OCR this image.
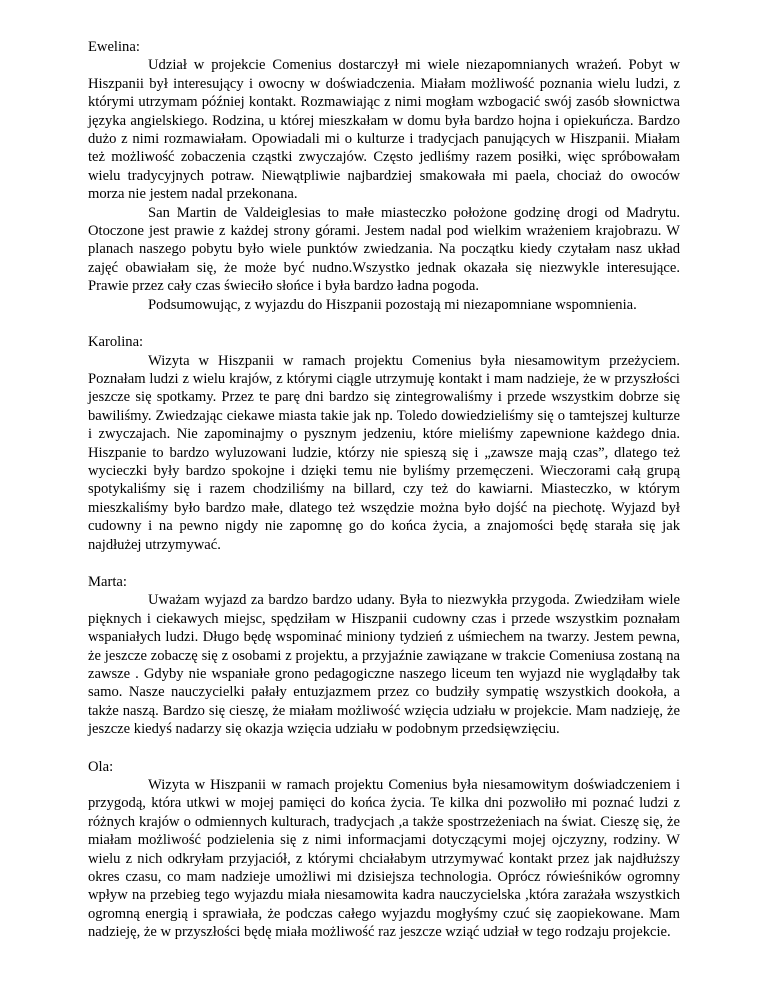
Ewelina:

Udział w projekcie Comenius dostarczył mi wiele niezapomnianych wrażeń. Pobyt w Hiszpanii był interesujący i owocny w doświadczenia. Miałam możliwość poznania wielu ludzi, z którymi utrzymam później kontakt. Rozmawiając z nimi mogłam wzbogacić swój zasób słownictwa języka angielskiego. Rodzina, u której mieszkałam w domu była bardzo hojna i opiekuńcza. Bardzo dużo z nimi rozmawiałam. Opowiadali mi o kulturze i tradycjach panujących w Hiszpanii. Miałam też możliwość zobaczenia cząstki zwyczajów. Często jedliśmy razem posiłki, więc spróbowałam wielu tradycyjnych potraw. Niewątpliwie najbardziej smakowała mi paela, chociaż do owoców morza nie jestem nadal przekonana.

San Martin de Valdeiglesias to małe miasteczko położone godzinę drogi od Madrytu. Otoczone jest prawie z każdej strony górami. Jestem nadal pod wielkim wrażeniem krajobrazu. W planach naszego pobytu było wiele punktów zwiedzania. Na początku kiedy czytałam nasz układ zajęć obawiałam się, że może być nudno.Wszystko jednak okazała się niezwykle interesujące. Prawie przez cały czas świeciło słońce i była bardzo ładna pogoda.

Podsumowując, z wyjazdu do Hiszpanii pozostają mi niezapomniane wspomnienia.

Karolina:

Wizyta w Hiszpanii w ramach projektu Comenius była niesamowitym przeżyciem. Poznałam ludzi z wielu krajów, z którymi ciągle utrzymuję kontakt i mam nadzieje, że w przyszłości jeszcze się spotkamy. Przez te parę dni bardzo się zintegrowaliśmy i przede wszystkim dobrze się bawiliśmy. Zwiedzając ciekawe miasta takie jak np. Toledo dowiedzieliśmy się o tamtejszej kulturze i zwyczajach. Nie zapominajmy o pysznym jedzeniu, które mieliśmy zapewnione każdego dnia. Hiszpanie to bardzo wyluzowani ludzie, którzy nie spieszą się i „zawsze mają czas”, dlatego też wycieczki były bardzo spokojne i dzięki temu nie byliśmy przemęczeni. Wieczorami całą grupą spotykaliśmy się i razem chodziliśmy na billard, czy też do kawiarni. Miasteczko, w którym mieszkaliśmy było bardzo małe, dlatego też wszędzie można było dojść na piechotę. Wyjazd był cudowny i na pewno nigdy nie zapomnę go do końca życia, a znajomości będę starała się jak najdłużej utrzymywać.

Marta:

Uważam wyjazd za bardzo bardzo udany. Była to niezwykła przygoda. Zwiedziłam wiele pięknych i ciekawych miejsc, spędziłam w Hiszpanii cudowny czas i przede wszystkim poznałam wspaniałych ludzi. Długo będę wspominać miniony tydzień z uśmiechem na twarzy. Jestem pewna, że jeszcze zobaczę się z osobami z projektu, a przyjaźnie zawiązane w trakcie Comeniusa zostaną na zawsze . Gdyby nie wspaniałe grono pedagogiczne naszego liceum ten wyjazd nie wyglądałby tak samo. Nasze nauczycielki pałały entuzjazmem przez co budziły sympatię wszystkich dookoła, a także naszą. Bardzo się cieszę, że miałam możliwość wzięcia udziału w projekcie. Mam nadzieję, że jeszcze kiedyś nadarzy się okazja wzięcia udziału w podobnym przedsięwzięciu.

Ola:

Wizyta w Hiszpanii w ramach projektu Comenius była niesamowitym doświadczeniem i przygodą, która utkwi w mojej pamięci do końca życia. Te kilka dni pozwoliło mi poznać ludzi z różnych krajów o odmiennych kulturach, tradycjach ,a także spostrzeżeniach na świat. Cieszę się, że miałam możliwość podzielenia się z nimi informacjami dotyczącymi mojej ojczyzny, rodziny. W wielu z nich odkryłam przyjaciół, z którymi chciałabym utrzymywać kontakt przez jak najdłuższy okres czasu, co mam nadzieje umożliwi mi dzisiejsza technologia. Oprócz rówieśników ogromny wpływ na przebieg tego wyjazdu miała niesamowita kadra nauczycielska ,która zarażała wszystkich ogromną energią i sprawiała, że podczas całego wyjazdu mogłyśmy czuć się zaopiekowane. Mam nadzieję, że w przyszłości będę miała możliwość raz jeszcze wziąć udział w tego rodzaju projekcie.
